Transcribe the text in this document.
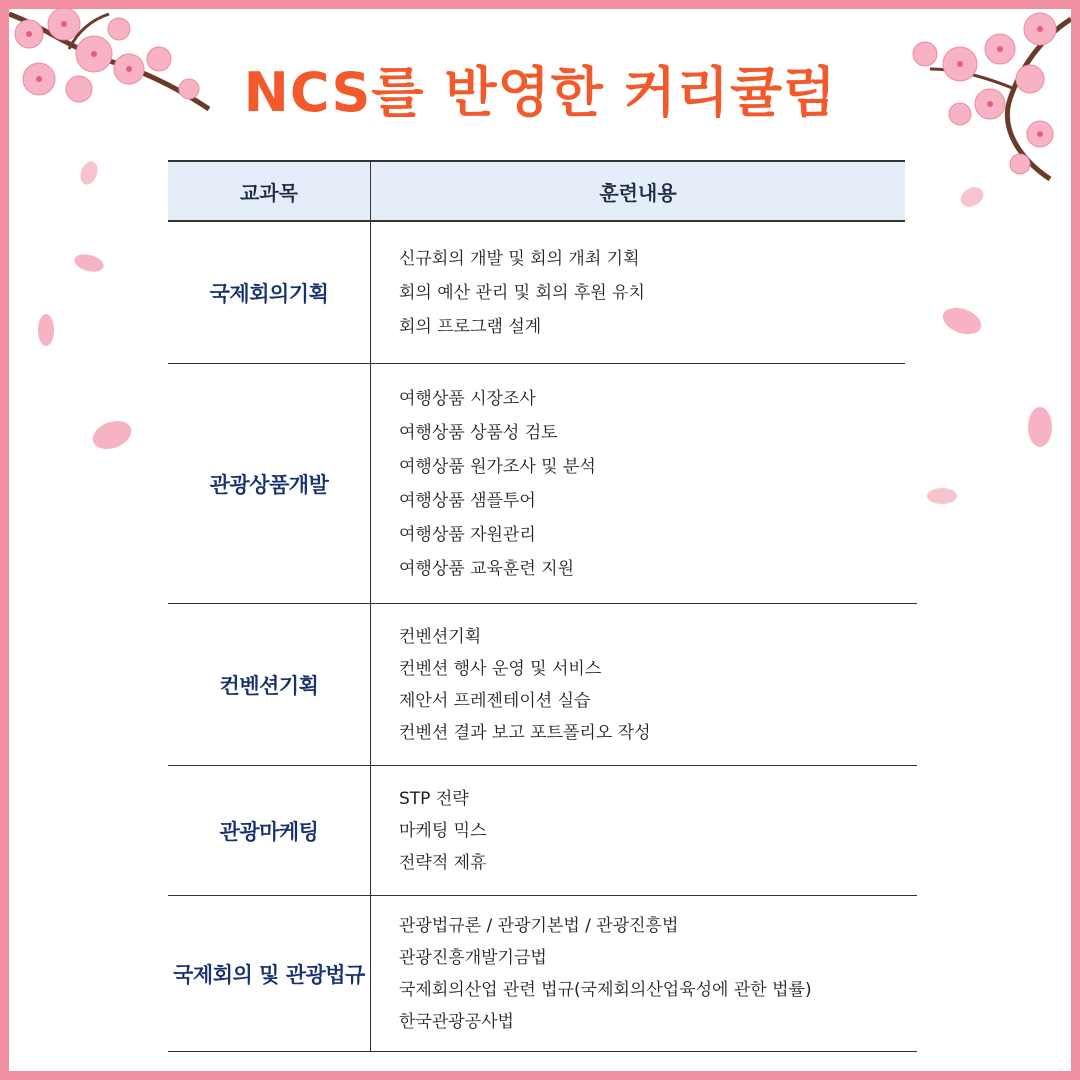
NCS를 반영한 커리큘럼
교과목	훈련내용
국제회의기획
신규회의 개발 및 회의 개최 기획
회의 예산 관리 및 회의 후원 유치
회의 프로그램 설계
관광상품개발
여행상품 시장조사
여행상품 상품성 검토
여행상품 원가조사 및 분석
여행상품 샘플투어
여행상품 자원관리
여행상품 교육훈련 지원
컨벤션기획
컨벤션기획
컨벤션 행사 운영 및 서비스
제안서 프레젠테이션 실습
컨벤션 결과 보고 포트폴리오 작성
관광마케팅
STP 전략
마케팅 믹스
전략적 제휴
국제회의 및 관광법규
관광법규론 / 관광기본법 / 관광진흥법
관광진흥개발기금법
국제회의산업 관련 법규(국제회의산업육성에 관한 법률)
한국관광공사법
